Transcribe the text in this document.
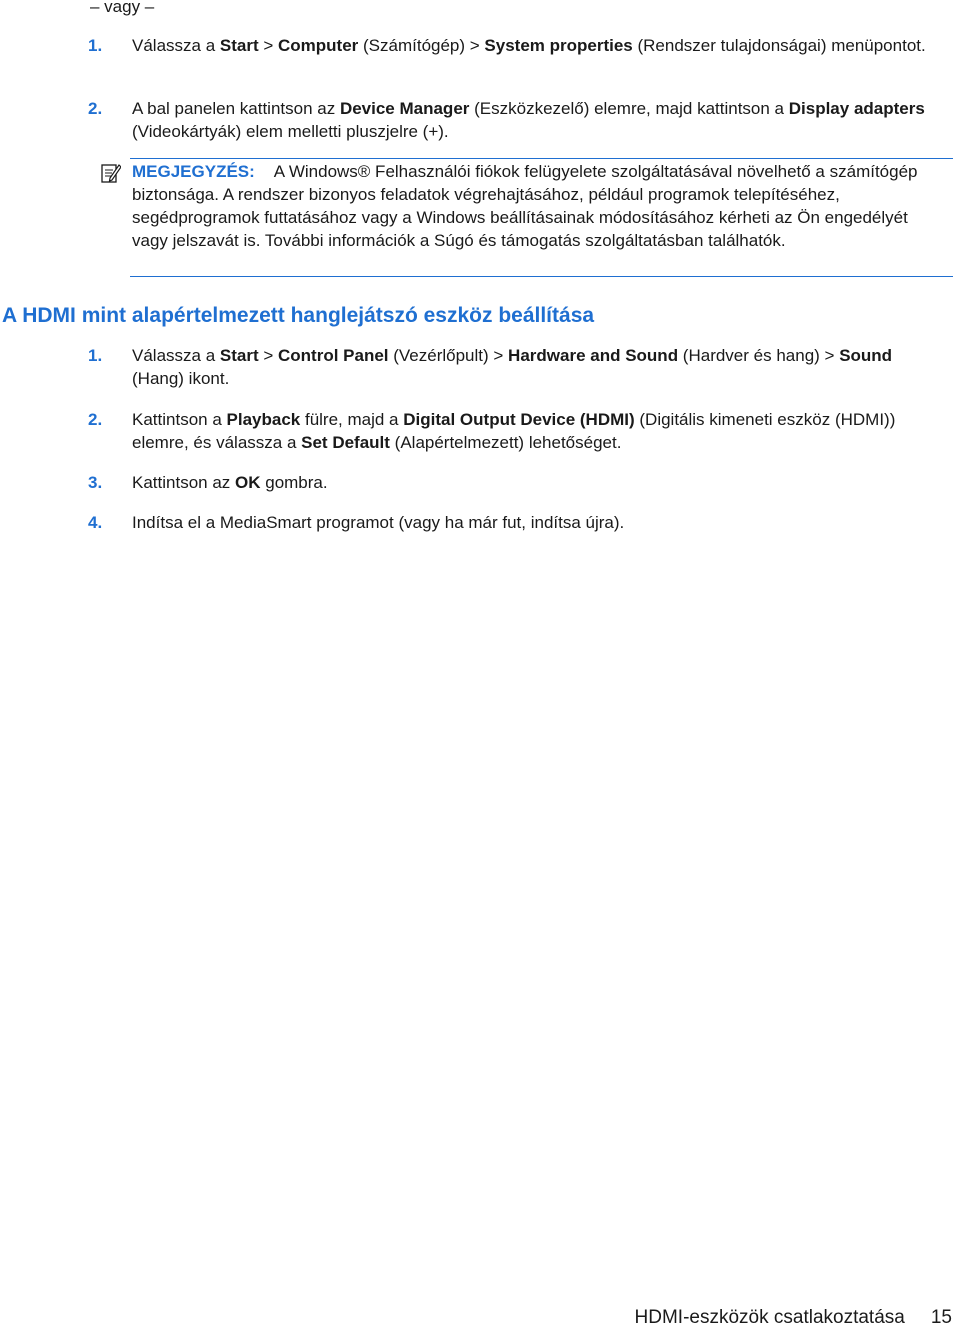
– vagy –
1.	Válassza a Start > Computer (Számítógép) > System properties (Rendszer tulajdonságai) menüpontot.
2.	A bal panelen kattintson az Device Manager (Eszközkezelő) elemre, majd kattintson a Display adapters (Videokártyák) elem melletti pluszjelre (+).
MEGJEGYZÉS: A Windows® Felhasználói fiókok felügyelete szolgáltatásával növelhető a számítógép biztonsága. A rendszer bizonyos feladatok végrehajtásához, például programok telepítéséhez, segédprogramok futtatásához vagy a Windows beállításainak módosításához kérheti az Ön engedélyét vagy jelszavát is. További információk a Súgó és támogatás szolgáltatásban találhatók.
A HDMI mint alapértelmezett hanglejátszó eszköz beállítása
1.	Válassza a Start > Control Panel (Vezérlőpult) > Hardware and Sound (Hardver és hang) > Sound (Hang) ikont.
2.	Kattintson a Playback fülre, majd a Digital Output Device (HDMI) (Digitális kimeneti eszköz (HDMI)) elemre, és válassza a Set Default (Alapértelmezett) lehetőséget.
3.	Kattintson az OK gombra.
4.	Indítsa el a MediaSmart programot (vagy ha már fut, indítsa újra).
HDMI-eszközök csatlakoztatása 15
